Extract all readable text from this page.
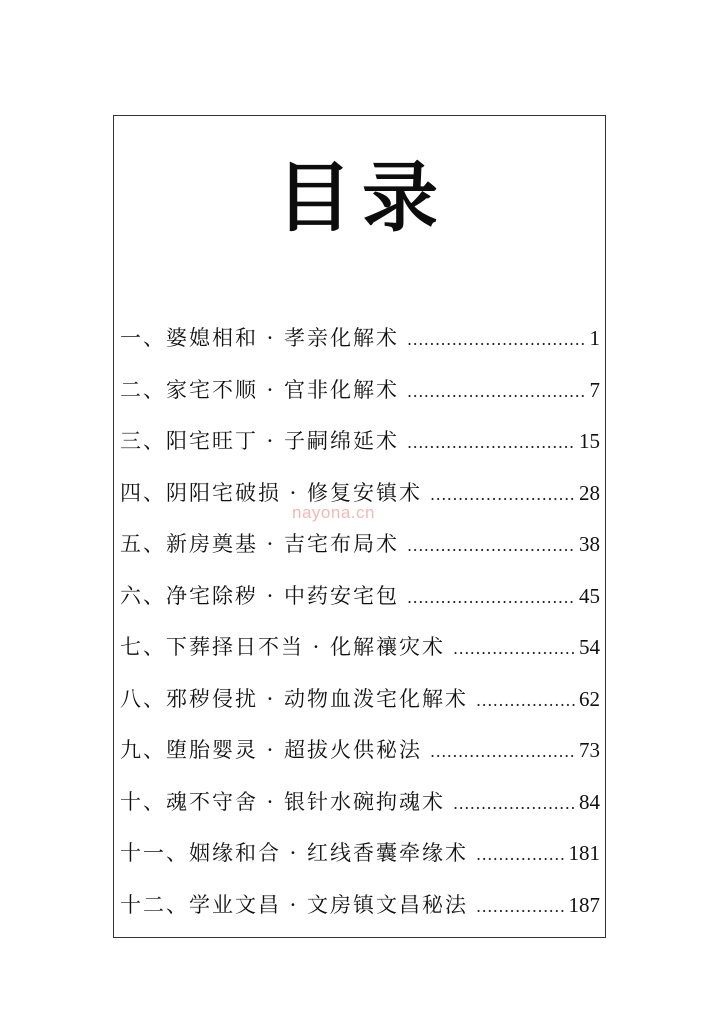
目录
一、婆媳相和 · 孝亲化解术 .....	1
二、家宅不顺 · 官非化解术 .....	7
三、阳宅旺丁 · 子嗣绵延术 .....	15
四、阴阳宅破损 · 修复安镇术 .....	28
五、新房奠基 · 吉宅布局术 .....	38
六、净宅除秽 · 中药安宅包 .....	45
七、下葬择日不当 · 化解禳灾术 .....	54
八、邪秽侵扰 · 动物血泼宅化解术 .....	62
九、堕胎婴灵 · 超拔火供秘法 .....	73
十、魂不守舍 · 银针水碗拘魂术 .....	84
十一、姻缘和合 · 红线香囊牵缘术 .....	181
十二、学业文昌 · 文房镇文昌秘法 .....	187
nayona.cn
